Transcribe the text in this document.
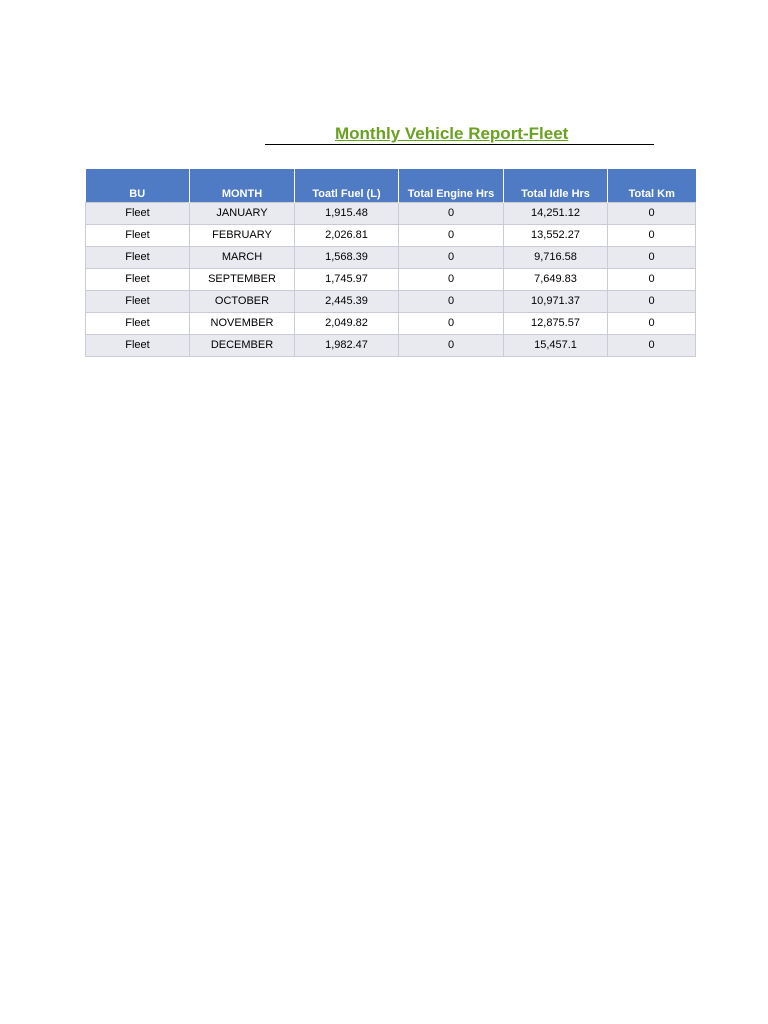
Monthly Vehicle Report-Fleet
BU	MONTH	Toatl Fuel (L)	Total Engine Hrs	Total Idle Hrs	Total Km
Fleet	JANUARY	1,915.48	0	14,251.12	0
Fleet	FEBRUARY	2,026.81	0	13,552.27	0
Fleet	MARCH	1,568.39	0	9,716.58	0
Fleet	SEPTEMBER	1,745.97	0	7,649.83	0
Fleet	OCTOBER	2,445.39	0	10,971.37	0
Fleet	NOVEMBER	2,049.82	0	12,875.57	0
Fleet	DECEMBER	1,982.47	0	15,457.1	0
